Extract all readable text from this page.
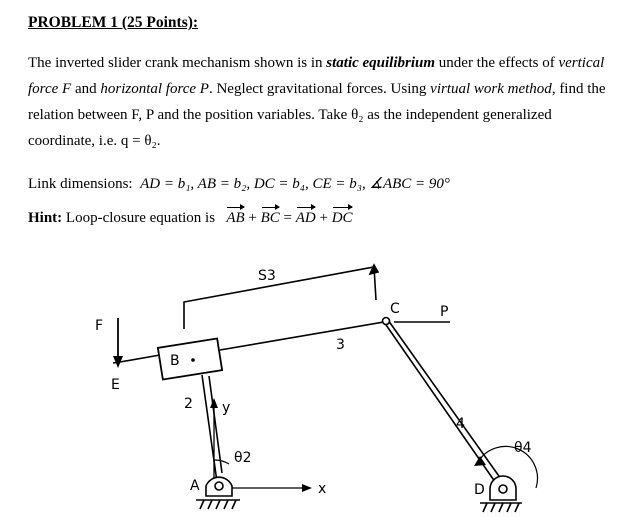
PROBLEM 1 (25 Points):

The inverted slider crank mechanism shown is in static equilibrium under the effects of vertical force F and horizontal force P. Neglect gravitational forces. Using virtual work method, find the relation between F, P and the position variables. Take θ₂ as the independent generalized coordinate, i.e. q = θ₂.

Link dimensions: AD = b₁, AB = b₂, DC = b₄, CE = b₃, ∡ABC = 90°

Hint: Loop-closure equation is   AB + BC = AD + DC

S3
3
F
E
B
2 y
x
θ2
A
4
C	P
θ4
D
